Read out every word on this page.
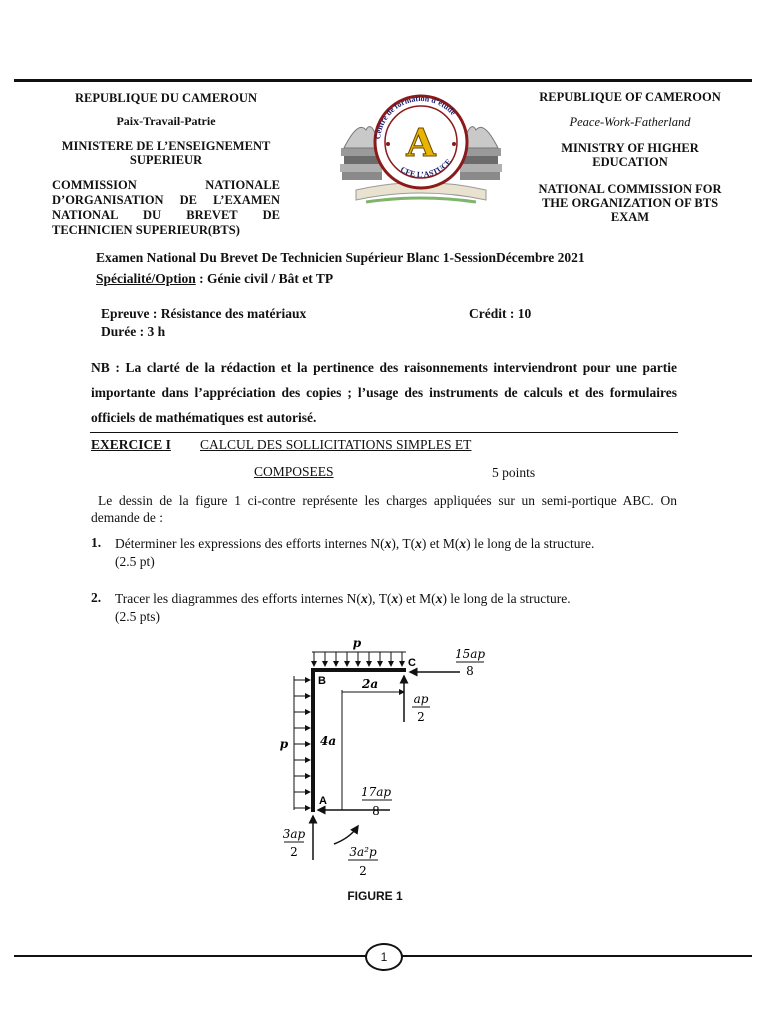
REPUBLIQUE DU CAMEROUN
Paix-Travail-Patrie
MINISTERE DE L’ENSEIGNEMENT SUPERIEUR
COMMISSION NATIONALE D’ORGANISATION DE L’EXAMEN NATIONAL DU BREVET DE TECHNICIEN SUPERIEUR(BTS)
REPUBLIQUE OF CAMEROON
Peace-Work-Fatherland
MINISTRY OF HIGHER EDUCATION
NATIONAL COMMISSION FOR THE ORGANIZATION OF BTS EXAM
Centre de formation d’étude
CFE L’ASTUCE
A
Examen National Du Brevet De Technicien Supérieur Blanc 1-SessionDécembre 2021
Spécialité/Option : Génie civil / Bât et TP
Epreuve : Résistance des matériaux	Crédit : 10
Durée : 3 h
NB : La clarté de la rédaction et la pertinence des raisonnements interviendront pour une partie importante dans l’appréciation des copies ; l’usage des instruments de calculs et des formulaires officiels de mathématiques est autorisé.
EXERCICE I CALCUL DES SOLLICITATIONS SIMPLES ET
COMPOSEES	5 points
Le dessin de la figure 1 ci-contre représente les charges appliquées sur un semi-portique ABC. On demande de :
1. Déterminer les expressions des efforts internes N(x), T(x) et M(x) le long de la structure.
(2.5 pt)
2. Tracer les diagrammes des efforts internes N(x), T(x) et M(x) le long de la structure.
(2.5 pts)
p
p
B
C
A
2a
4a
15ap
8
ap
2
17ap
8
3ap
2	3a²p
2
FIGURE 1
1
